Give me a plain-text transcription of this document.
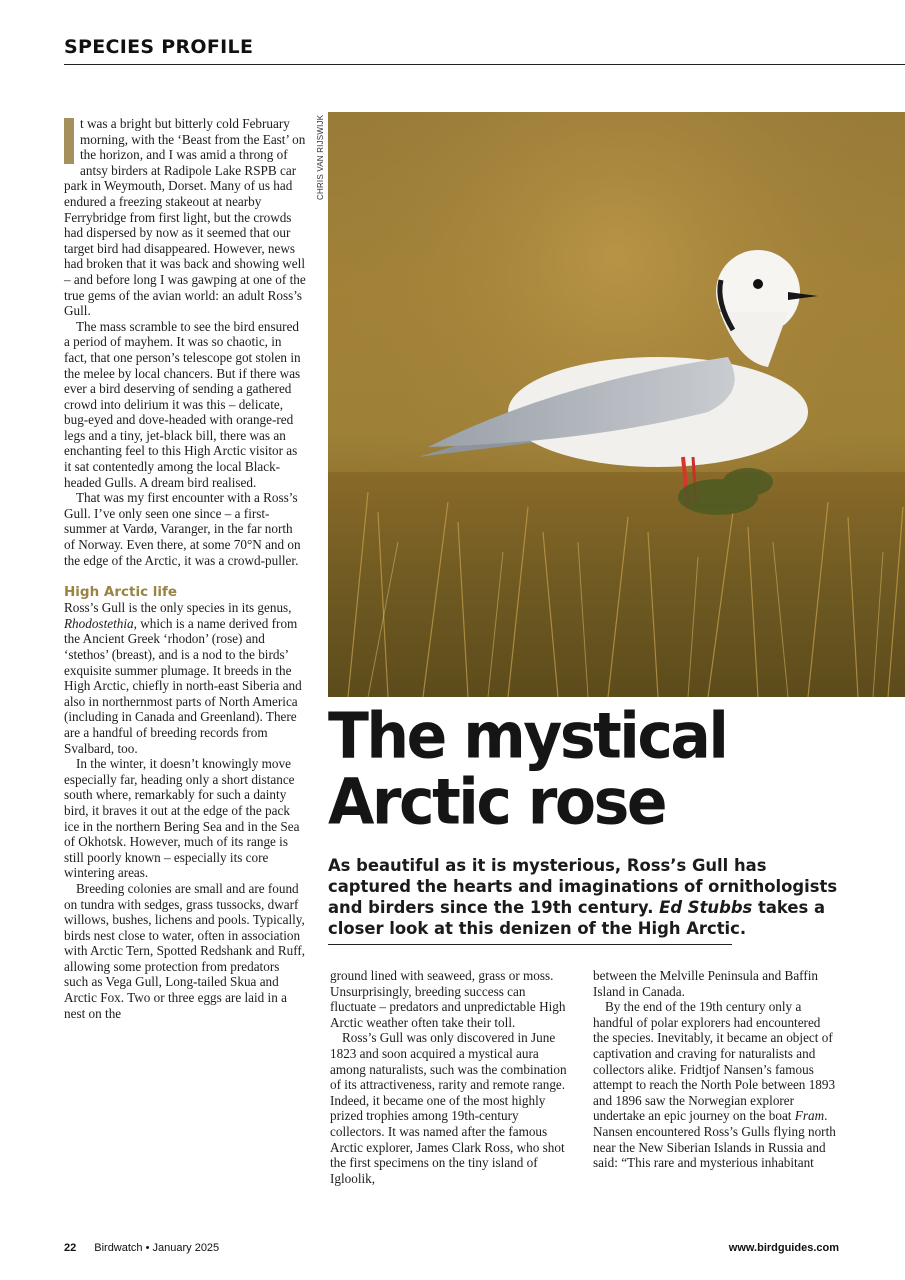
SPECIES PROFILE

t was a bright but bitterly cold February morning, with the ‘Beast from the East’ on the horizon, and I was amid a throng of antsy birders at Radipole Lake RSPB car park in Weymouth, Dorset. Many of us had endured a freezing stakeout at nearby Ferrybridge from first light, but the crowds had dispersed by now as it seemed that our target bird had disappeared. However, news had broken that it was back and showing well – and before long I was gawping at one of the true gems of the avian world: an adult Ross’s Gull.

The mass scramble to see the bird ensured a period of mayhem. It was so chaotic, in fact, that one person’s telescope got stolen in the melee by local chancers. But if there was ever a bird deserving of sending a gathered crowd into delirium it was this – delicate, bug-eyed and dove-headed with orange-red legs and a tiny, jet-black bill, there was an enchanting feel to this High Arctic visitor as it sat contentedly among the local Black-headed Gulls. A dream bird realised.

That was my first encounter with a Ross’s Gull. I’ve only seen one since – a first-summer at Vardø, Varanger, in the far north of Norway. Even there, at some 70°N and on the edge of the Arctic, it was a crowd-puller.

High Arctic life

Ross’s Gull is the only species in its genus, Rhodostethia, which is a name derived from the Ancient Greek ‘rhodon’ (rose) and ‘stethos’ (breast), and is a nod to the birds’ exquisite summer plumage. It breeds in the High Arctic, chiefly in north-east Siberia and also in northernmost parts of North America (including in Canada and Greenland). There are a handful of breeding records from Svalbard, too.

In the winter, it doesn’t knowingly move especially far, heading only a short distance south where, remarkably for such a dainty bird, it braves it out at the edge of the pack ice in the northern Bering Sea and in the Sea of Okhotsk. However, much of its range is still poorly known – especially its core wintering areas.

Breeding colonies are small and are found on tundra with sedges, grass tussocks, dwarf willows, bushes, lichens and pools. Typically, birds nest close to water, often in association with Arctic Tern, Spotted Redshank and Ruff, allowing some protection from predators such as Vega Gull, Long-tailed Skua and Arctic Fox. Two or three eggs are laid in a nest on the

CHRIS VAN RIJSWIJK
The mystical
Arctic rose
As beautiful as it is mysterious, Ross’s Gull has captured the hearts and imaginations of ornithologists and birders since the 19th century. Ed Stubbs takes a closer look at this denizen of the High Arctic.

ground lined with seaweed, grass or moss. Unsurprisingly, breeding success can fluctuate – predators and unpredictable High Arctic weather often take their toll.

Ross’s Gull was only discovered in June 1823 and soon acquired a mystical aura among naturalists, such was the combination of its attractiveness, rarity and remote range. Indeed, it became one of the most highly prized trophies among 19th-century collectors. It was named after the famous Arctic explorer, James Clark Ross, who shot the first specimens on the tiny island of Igloolik,

between the Melville Peninsula and Baffin Island in Canada.

By the end of the 19th century only a handful of polar explorers had encountered the species. Inevitably, it became an object of captivation and craving for naturalists and collectors alike. Fridtjof Nansen’s famous attempt to reach the North Pole between 1893 and 1896 saw the Norwegian explorer undertake an epic journey on the boat Fram. Nansen encountered Ross’s Gulls flying north near the New Siberian Islands in Russia and said: “This rare and mysterious inhabitant

22 Birdwatch • January 2025	www.birdguides.com
